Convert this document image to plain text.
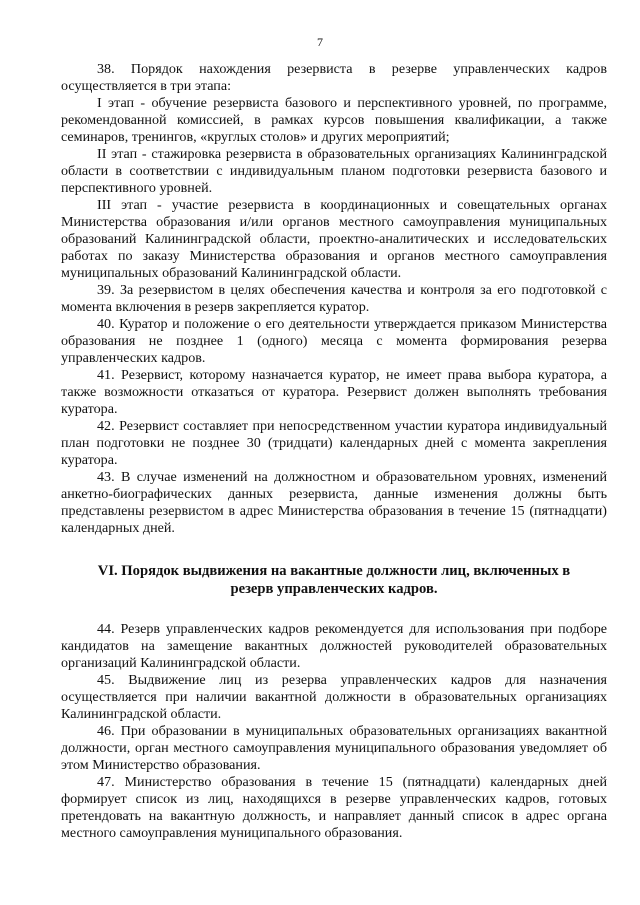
7

38. Порядок нахождения резервиста в резерве управленческих кадров осуществляется в три этапа:

I этап - обучение резервиста базового и перспективного уровней, по программе, рекомендованной комиссией, в рамках курсов повышения квалификации, а также семинаров, тренингов, «круглых столов» и других мероприятий;

II этап - стажировка резервиста в образовательных организациях Калининградской области в соответствии с индивидуальным планом подготовки резервиста базового и перспективного уровней.

III этап - участие резервиста в координационных и совещательных органах Министерства образования и/или органов местного самоуправления муниципальных образований Калининградской области, проектно-аналитических и исследовательских работах по заказу Министерства образования и органов местного самоуправления муниципальных образований Калининградской области.

39. За резервистом в целях обеспечения качества и контроля за его подготовкой с момента включения в резерв закрепляется куратор.

40. Куратор и положение о его деятельности утверждается приказом Министерства образования не позднее 1 (одного) месяца с момента формирования резерва управленческих кадров.

41. Резервист, которому назначается куратор, не имеет права выбора куратора, а также возможности отказаться от куратора. Резервист должен выполнять требования куратора.

42. Резервист составляет при непосредственном участии куратора индивидуальный план подготовки не позднее 30 (тридцати) календарных дней с момента закрепления куратора.

43. В случае изменений на должностном и образовательном уровнях, изменений анкетно-биографических данных резервиста, данные изменения должны быть представлены резервистом в адрес Министерства образования в течение 15 (пятнадцати) календарных дней.

VI. Порядок выдвижения на вакантные должности лиц, включенных в
резерв управленческих кадров.

44. Резерв управленческих кадров рекомендуется для использования при подборе кандидатов на замещение вакантных должностей руководителей образовательных организаций Калининградской области.

45. Выдвижение лиц из резерва управленческих кадров для назначения осуществляется при наличии вакантной должности в образовательных организациях Калининградской области.

46. При образовании в муниципальных образовательных организациях вакантной должности, орган местного самоуправления муниципального образования уведомляет об этом Министерство образования.

47. Министерство образования в течение 15 (пятнадцати) календарных дней формирует список из лиц, находящихся в резерве управленческих кадров, готовых претендовать на вакантную должность, и направляет данный список в адрес органа местного самоуправления муниципального образования.
